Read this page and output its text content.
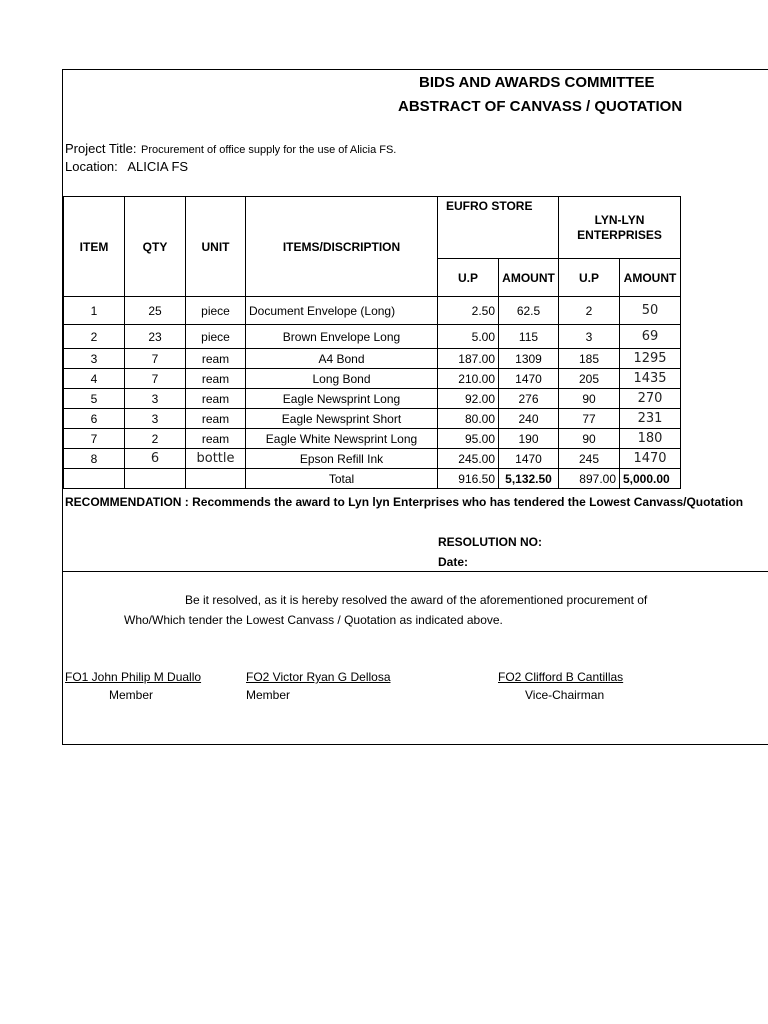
BIDS AND AWARDS COMMITTEE
ABSTRACT OF CANVASS / QUOTATION
Project Title: Procurement of office supply for the use of Alicia FS.
Location: ALICIA FS
ITEM	QTY	UNIT	ITEMS/DISCRIPTION	EUFRO STORE		LYN-LYN ENTERPRISES		
				U.P	AMOUNT	U.P	AMOUNT	
1	25	piece	Document Envelope (Long)	2.50	62.5	2	50	
2	23	piece	Brown Envelope Long	5.00	115	3	69	
3	7	ream	A4 Bond	187.00	1309	185	1295	
4	7	ream	Long Bond	210.00	1470	205	1435	
5	3	ream	Eagle Newsprint Long	92.00	276	90	270	
6	3	ream	Eagle Newsprint Short	80.00	240	77	231	
7	2	ream	Eagle White Newsprint Long	95.00	190	90	180	
8	6	bottle	Epson Refill Ink	245.00	1470	245	1470	
			Total	916.50	5,132.50	897.00	5,000.00	
RECOMMENDATION : Recommends the award to Lyn lyn Enterprises who has tendered the Lowest Canvass/Quotation
RESOLUTION NO:
Date:
Be it resolved, as it is hereby resolved the award of the aforementioned procurement of
Who/Which tender the Lowest Canvass / Quotation as indicated above.
FO1 John Philip M Duallo
Member
FO2 Victor Ryan G Dellosa
Member
FO2 Clifford B Cantillas
Vice-Chairman
